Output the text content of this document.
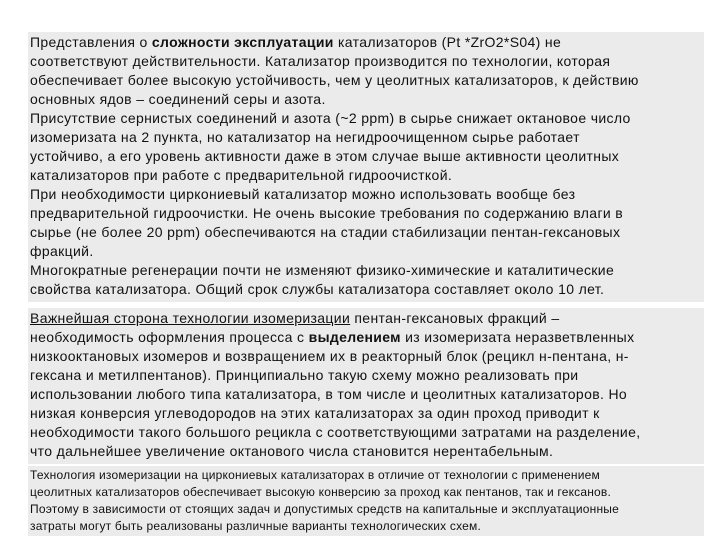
Представления о сложности эксплуатации катализаторов (Pt *ZrO2*S04) не
соответствуют действительности. Катализатор производится по технологии, которая
обеспечивает более высокую устойчивость, чем у цеолитных катализаторов, к действию
основных ядов – соединений серы и азота.

Присутствие сернистых соединений и азота (~2 ppm) в сырье снижает октановое число
изомеризата на 2 пункта, но катализатор на негидроочищенном сырье работает
устойчиво, а его уровень активности даже в этом случае выше активности цеолитных
катализаторов при работе с предварительной гидроочисткой.

При необходимости циркониевый катализатор можно использовать вообще без
предварительной гидроочистки. Не очень высокие требования по содержанию влаги в
сырье (не более 20 ppm) обеспечиваются на стадии стабилизации пентан-гексановых
фракций.

Многократные регенерации почти не изменяют физико-химические и каталитические
свойства катализатора. Общий срок службы катализатора составляет около 10 лет.

Важнейшая сторона технологии изомеризации пентан-гексановых фракций –
необходимость оформления процесса с выделением из изомеризата неразветвленных
низкооктановых изомеров и возвращением их в реакторный блок (рецикл н-пентана, н-
гексана и метилпентанов). Принципиально такую схему можно реализовать при
использовании любого типа катализатора, в том числе и цеолитных катализаторов. Но
низкая конверсия углеводородов на этих катализаторах за один проход приводит к
необходимости такого большого рецикла с соответствующими затратами на разделение,
что дальнейшее увеличение октанового числа становится нерентабельным.

Технология изомеризации на циркониевых катализаторах в отличие от технологии с применением
цеолитных катализаторов обеспечивает высокую конверсию за проход как пентанов, так и гексанов.
Поэтому в зависимости от стоящих задач и допустимых средств на капитальные и эксплуатационные
затраты могут быть реализованы различные варианты технологических схем.
